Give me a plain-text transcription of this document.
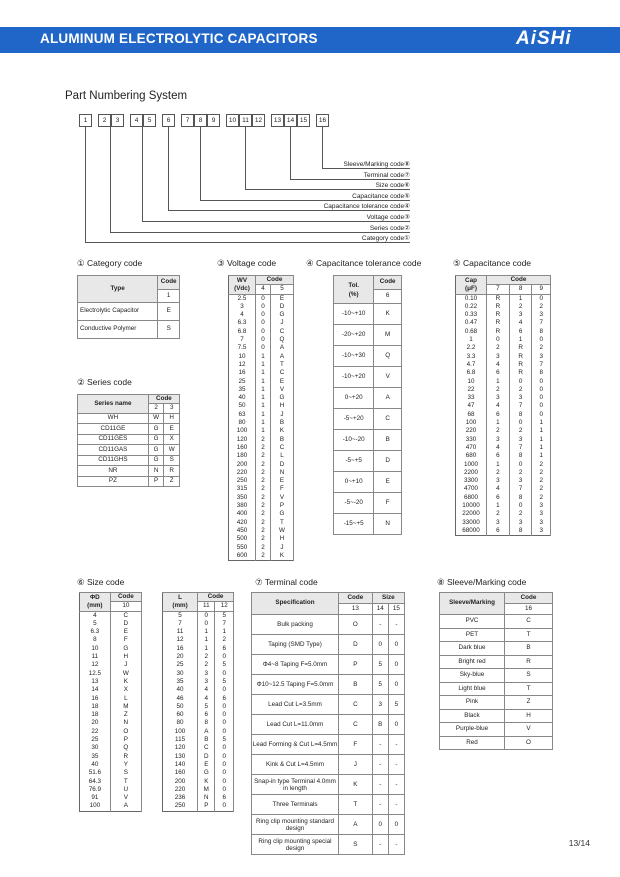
ALUMINUM ELECTROLYTIC CAPACITORS	AiSHi
Part Numbering System
1	2	3	4	5	6	7	8	9	10 11 12	13 14 15	16
Sleeve/Marking code⑧
Terminal code⑦
Size code⑥
Capacitance code⑤
Capacitance tolerance code④
Voltage code③
Series code②
Category code①
① Category code
② Series code
③ Voltage code	④ Capacitance tolerance code	⑤ Capacitance code
⑥ Size code	⑦ Terminal code	⑧ Sleeve/Marking code
Type	Code
	1
Electrolytic Capacitor	E
Conductive Polymer	S
Series name	Code	
	2	3
WH	W	H
CD11GE	G	E
CD11GES	G	X
CD11GAS	G	W
CD11GHS	G	S
NR	N	R
PZ	P	Z
WV
(Vdc)	Code	
	4	5
2.5	0	E
3	0	D
4	0	G
6.3	0	J
6.8	0	C
7	0	Q
7.5	0	A
10	1	A
12	1	T
16	1	C
25	1	E
35	1	V
40	1	G
50	1	H
63	1	J
80	1	B
100	1	K
120	2	B
160	2	C
180	2	L
200	2	D
220	2	N
250	2	E
315	2	F
350	2	V
380	2	P
400	2	G
420	2	T
450	2	W
500	2	H
550	2	J
600	2	K
Tol.
(%)	Code
	6
-10~+10	K
-20~+20	M
-10~+30	Q
-10~+20	V
0~+20	A
-5~+20	C
-10~-20	B
-5~+5	D
0~+10	E
-5~-20	F
-15~+5	N
Cap
(μF)	Code		
	7	8	9
0.10	R	1	0
0.22	R	2	2
0.33	R	3	3
0.47	R	4	7
0.68	R	6	8
1	0	1	0
2.2	2	R	2
3.3	3	R	3
4.7	4	R	7
6.8	6	R	8
10	1	0	0
22	2	2	0
33	3	3	0
47	4	7	0
68	6	8	0
100	1	0	1
220	2	2	1
330	3	3	1
470	4	7	1
680	6	8	1
1000	1	0	2
2200	2	2	2
3300	3	3	2
4700	4	7	2
6800	6	8	2
10000	1	0	3
22000	2	2	3
33000	3	3	3
68000	6	8	3
ΦD
(mm)	Code
	10
4	C
5	D
6.3	E
8	F
10	G
11	H
12	J
12.5	W
13	K
14	X
16	L
18	M
18	Z
20	N
22	O
25	P
30	Q
35	R
40	Y
51.6	S
64.3	T
76.9	U
91	V
100	A
L
(mm)	Code	
	11	12
5	0	5
7	0	7
11	1	1
12	1	2
16	1	6
20	2	0
25	2	5
30	3	0
35	3	5
40	4	0
46	4	6
50	5	0
60	6	0
80	8	0
100	A	0
115	B	5
120	C	0
130	D	0
140	E	0
160	G	0
200	K	0
220	M	0
236	N	6
250	P	0
Specification	Code	Size	
	13	14	15
Bulk packing	O	-	-
Taping (SMD Type)	D	0	0
Φ4~8 Taping F=5.0mm	P	5	0
Φ10~12.5 Taping F=5.0mm	B	5	0
Lead Cut L=3.5mm	C	3	5
Lead Cut L=11.0mm	C	B	0
Lead Forming & Cut L=4.5mm	F	-	-
Kink & Cut L=4.5mm	J	-	-
Snap-in type Terminal 4.0mm in length	K	-	-
Three Terminals	T	-	-
Ring clip mounting standard design	A	0	0
Ring clip mounting special design	S	-	-
Sleeve/Marking	Code
	16
PVC	C
PET	T
Dark blue	B
Bright red	R
Sky-blue	S
Light blue	T
Pink	Z
Black	H
Purple-blue	V
Red	O
13/14
